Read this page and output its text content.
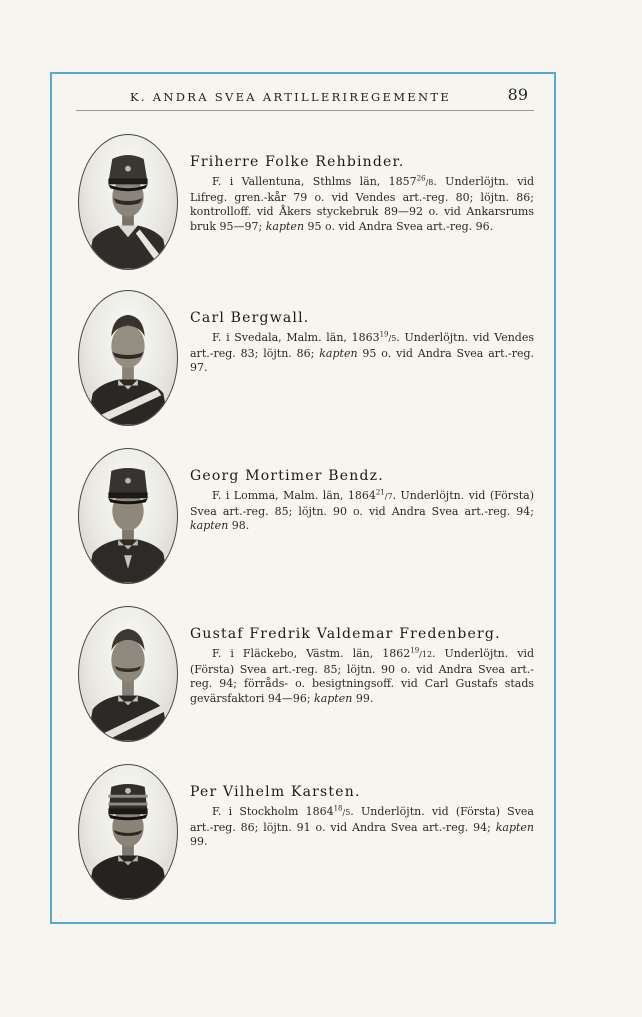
K. ANDRA SVEA ARTILLERIREGEMENTE	89

Friherre Folke Rehbinder.

F. i Vallentuna, Sthlms län, 1857$^{26}$/8. Underlöjtn. vid Lifreg. gren.-kår 79 o. vid Vendes art.-reg. 80; löjtn. 86; kontrolloff. vid Åkers styckebruk 89—92 o. vid Ankarsrums bruk 95—97; kapten 95 o. vid Andra Svea art.-reg. 96.

Carl Bergwall.

F. i Svedala, Malm. län, 1863$^{19}$/5. Underlöjtn. vid Vendes art.-reg. 83; löjtn. 86; kapten 95 o. vid Andra Svea art.-reg. 97.

Georg Mortimer Bendz.

F. i Lomma, Malm. län, 1864$^{21}$/7. Underlöjtn. vid (Första) Svea art.-reg. 85; löjtn. 90 o. vid Andra Svea art.-reg. 94; kapten 98.

Gustaf Fredrik Valdemar Fredenberg.

F. i Fläckebo, Västm. län, 1862$^{19}$/12. Underlöjtn. vid (Första) Svea art.-reg. 85; löjtn. 90 o. vid Andra Svea art.-reg. 94; förråds- o. besigtningsoff. vid Carl Gustafs stads gevärsfaktori 94—96; kapten 99.

Per Vilhelm Karsten.

F. i Stockholm 1864$^{18}$/5. Underlöjtn. vid (Första) Svea art.-reg. 86; löjtn. 91 o. vid Andra Svea art.-reg. 94; kapten 99.
